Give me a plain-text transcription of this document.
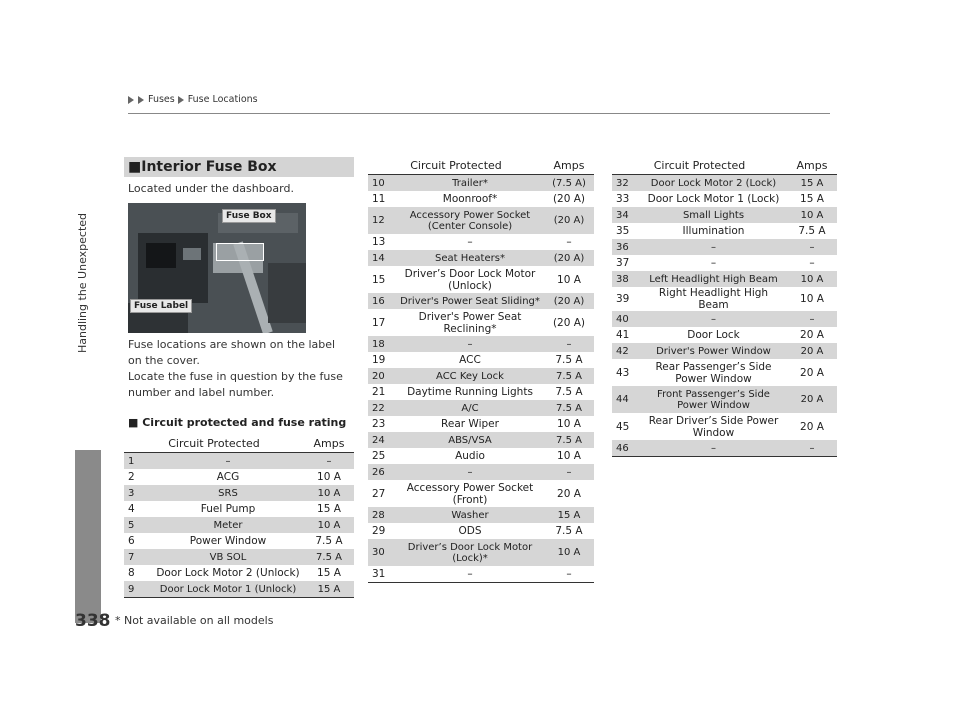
Fuses Fuse Locations
Handling the Unexpected
338 * Not available on all models
■Interior Fuse Box
Located under the dashboard.
Fuse Box
Fuse Label
Fuse locations are shown on the label on the cover.
Locate the fuse in question by the fuse number and label number.
■ Circuit protected and fuse rating
Circuit Protected		Amps
1	–	–
2	ACG	10 A
3	SRS	10 A
4	Fuel Pump	15 A
5	Meter	10 A
6	Power Window	7.5 A
7	VB SOL	7.5 A
8	Door Lock Motor 2 (Unlock)	15 A
9	Door Lock Motor 1 (Unlock)	15 A
Circuit Protected		Amps
10	Trailer*	(7.5 A)
11	Moonroof*	(20 A)
12	Accessory Power Socket (Center Console)	(20 A)
13	–	–
14	Seat Heaters*	(20 A)
15	Driver’s Door Lock Motor (Unlock)	10 A
16	Driver's Power Seat Sliding*	(20 A)
17	Driver's Power Seat Reclining*	(20 A)
18	–	–
19	ACC	7.5 A
20	ACC Key Lock	7.5 A
21	Daytime Running Lights	7.5 A
22	A/C	7.5 A
23	Rear Wiper	10 A
24	ABS/VSA	7.5 A
25	Audio	10 A
26	–	–
27	Accessory Power Socket (Front)	20 A
28	Washer	15 A
29	ODS	7.5 A
30	Driver’s Door Lock Motor (Lock)*	10 A
31	–	–
Circuit Protected		Amps
32	Door Lock Motor 2 (Lock)	15 A
33	Door Lock Motor 1 (Lock)	15 A
34	Small Lights	10 A
35	Illumination	7.5 A
36	–	–
37	–	–
38	Left Headlight High Beam	10 A
39	Right Headlight High Beam	10 A
40	–	–
41	Door Lock	20 A
42	Driver's Power Window	20 A
43	Rear Passenger’s Side Power Window	20 A
44	Front Passenger’s Side Power Window	20 A
45	Rear Driver’s Side Power Window	20 A
46	–	–
